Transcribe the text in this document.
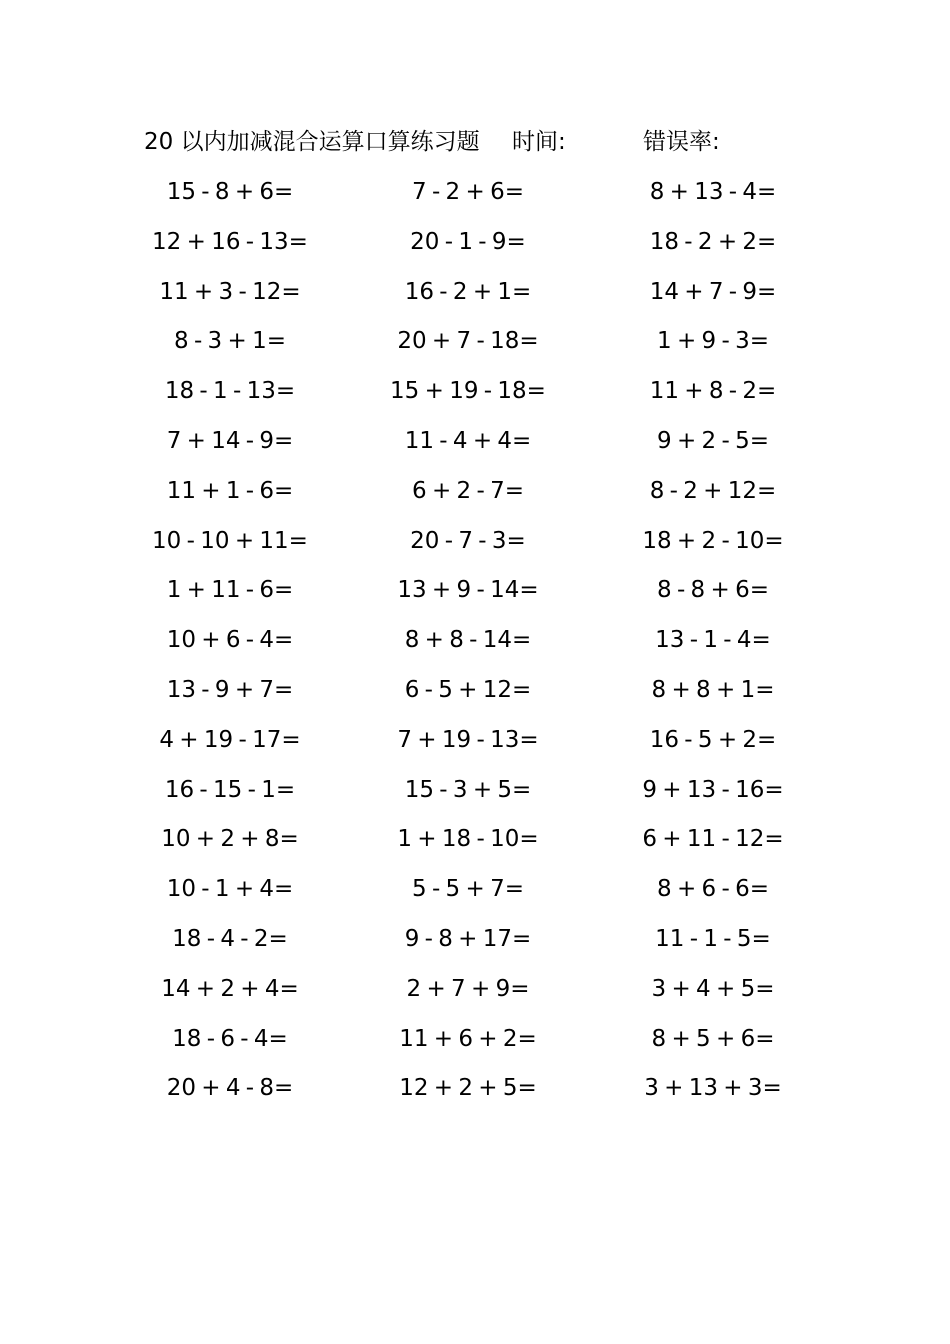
20 以内加减混合运算口算练习题 时间:	错误率:
15 - 8 + 6=	7 - 2 + 6=	8 + 13 - 4=
12 + 16 - 13=	20 - 1 - 9=	18 - 2 + 2=
11 + 3 - 12=	16 - 2 + 1=	14 + 7 - 9=
8 - 3 + 1=	20 + 7 - 18=	1 + 9 - 3=
18 - 1 - 13=	15 + 19 - 18=	11 + 8 - 2=
7 + 14 - 9=	11 - 4 + 4=	9 + 2 - 5=
11 + 1 - 6=	6 + 2 - 7=	8 - 2 + 12=
10 - 10 + 11=	20 - 7 - 3=	18 + 2 - 10=
1 + 11 - 6=	13 + 9 - 14=	8 - 8 + 6=
10 + 6 - 4=	8 + 8 - 14=	13 - 1 - 4=
13 - 9 + 7=	6 - 5 + 12=	8 + 8 + 1=
4 + 19 - 17=	7 + 19 - 13=	16 - 5 + 2=
16 - 15 - 1=	15 - 3 + 5=	9 + 13 - 16=
10 + 2 + 8=	1 + 18 - 10=	6 + 11 - 12=
10 - 1 + 4=	5 - 5 + 7=	8 + 6 - 6=
18 - 4 - 2=	9 - 8 + 17=	11 - 1 - 5=
14 + 2 + 4=	2 + 7 + 9=	3 + 4 + 5=
18 - 6 - 4=	11 + 6 + 2=	8 + 5 + 6=
20 + 4 - 8=	12 + 2 + 5=	3 + 13 + 3=
